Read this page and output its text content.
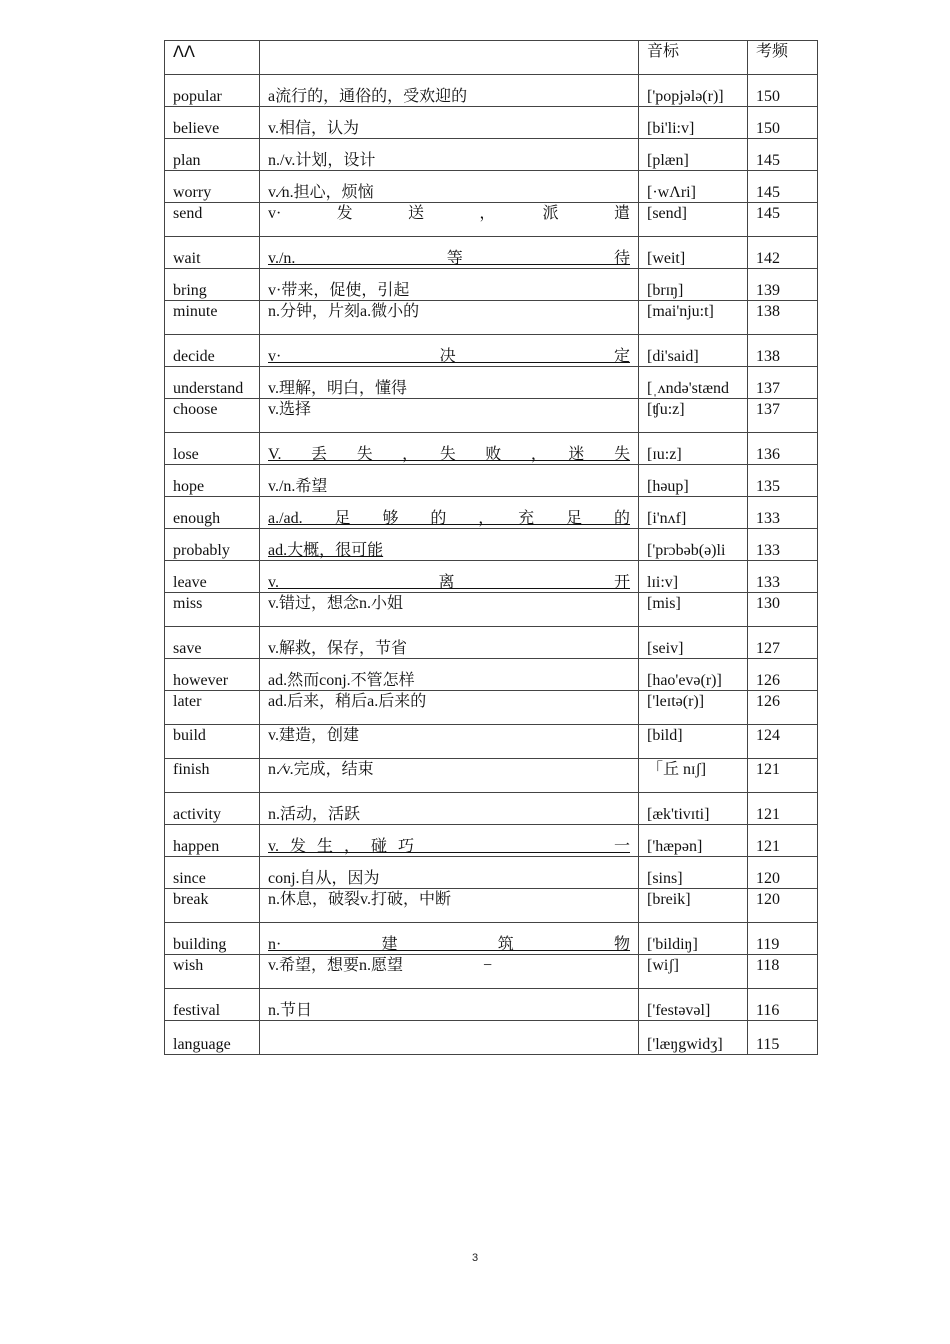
ɅɅ		音标	考频
popular	a流行的，通俗的，受欢迎的	['popjələ(r)]	150
believe	v.相信，认为	[bi'li:v]	150
plan	n./v.计划，设计	[plæn]	145
worry	v.∕n.担心，烦恼	[·wΛri]	145
send	v·　发　送　，　派　遣	[send]	145
wait	v./n.　　　　等　　　　待	[weit]	142
bring	v·带来，促使，引起	[brɪŋ]	139
minute	n.分钟，片刻a.微小的	[mai'nju:t]	138
decide	v·　　　决　　　定	[di'said]	138
understand	v.理解，明白，懂得	[ˌʌndə'stænd	137
choose	v.选择	[ʧu:z]	137
lose	V.　丢　失　，　失　败　，　迷　失	[ɪu:z]	136
hope	v./n.希望	[həup]	135
enough	a./ad.　足　够　的　，　充　足　的	[i'nʌf]	133
probably	ad.大概，很可能	['prɔbəb(ə)li	133
leave	v.　　　离　　　开	lɪi:v]	133
miss	v.错过，想念n.小姐	[mis]	130
save	v.解救，保存，节省	[seiv]	127
however	ad.然而conj.不管怎样	[hao'evə(r)]	126
later	ad.后来，稍后a.后来的	['leɪtə(r)]	126
build	v.建造，创建	[bild]	124
finish	n.∕v.完成，结束	「丘 nɪʃ]	121
activity	n.活动，活跃	[æk'tivɪti]	121
happen	v.发生，碰巧　　　　　　　一	['hæpən]	121
since	conj.自从，因为	[sins]	120
break	n.休息，破裂v.打破，中断	[breik]	120
building	n·　　建　　筑　　物	['bildiŋ]	119
wish	v.希望，想要n.愿望　　　　　−	[wiʃ]	118
festival	n.节日	['festəvəl]	116
language		['læŋgwidʒ]	115
3
